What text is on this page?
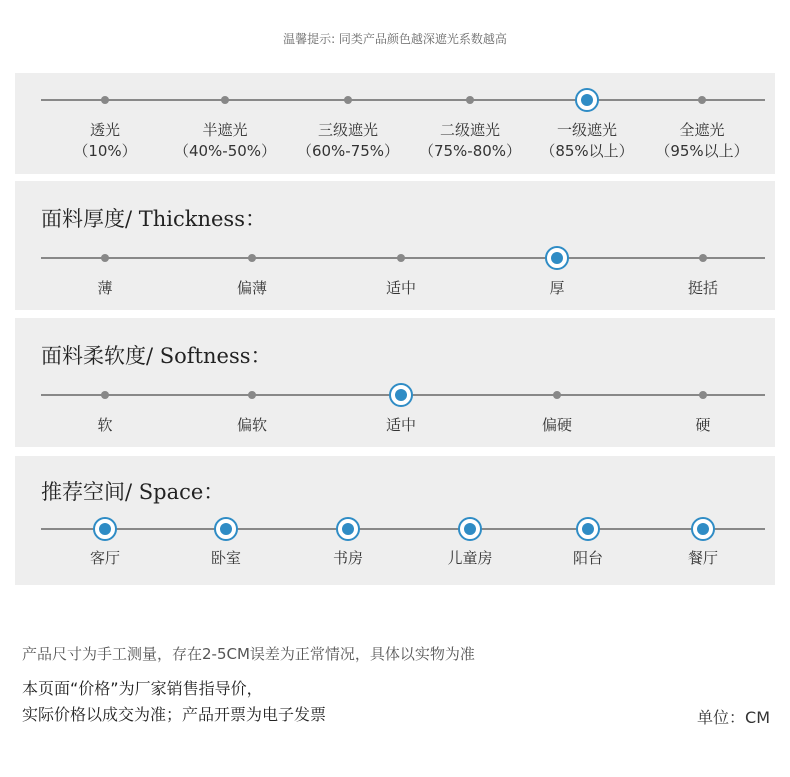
温馨提示: 同类产品颜色越深遮光系数越高
透光
（10%）
半遮光
（40%-50%）
三级遮光
（60%-75%）
二级遮光
（75%-80%）
一级遮光
（85%以上）
全遮光
（95%以上）
面料厚度/ Thickness：
薄	偏薄	适中	厚	挺括
面料柔软度/ Softness：
软	偏软	适中	偏硬	硬
推荐空间/ Space：
客厅	卧室	书房	儿童房	阳台	餐厅
产品尺寸为手工测量，存在2-5CM误差为正常情况，具体以实物为准
本页面“价格”为厂家销售指导价，
实际价格以成交为准；产品开票为电子发票	单位：CM
